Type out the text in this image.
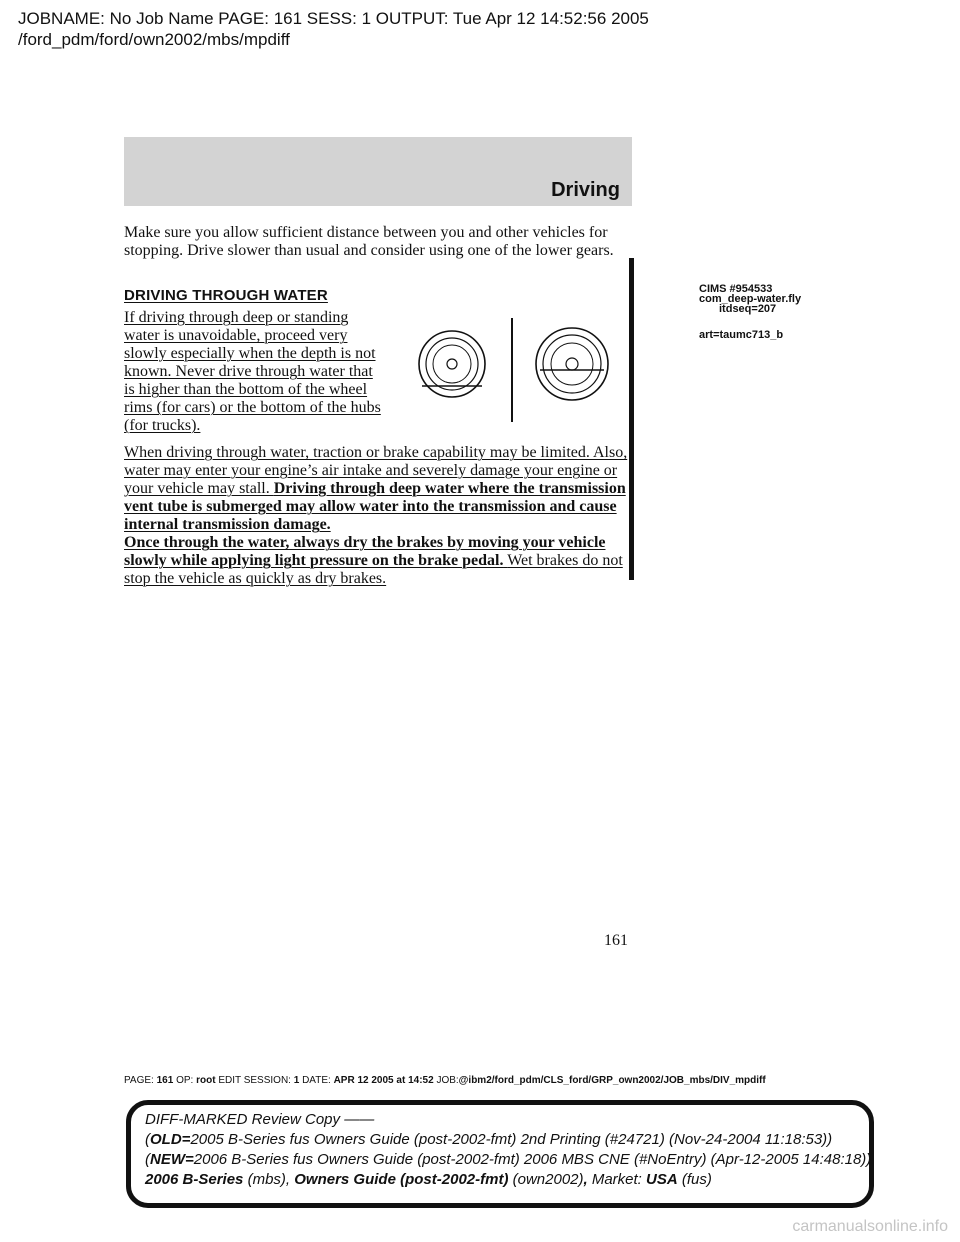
JOBNAME: No Job Name PAGE: 161 SESS: 1 OUTPUT: Tue Apr 12 14:52:56 2005
/ford_pdm/ford/own2002/mbs/mpdiff
Driving
Make sure you allow sufficient distance between you and other vehicles for stopping. Drive slower than usual and consider using one of the lower gears.
DRIVING THROUGH WATER
If driving through deep or standing water is unavoidable, proceed very slowly especially when the depth is not known. Never drive through water that is higher than the bottom of the wheel rims (for cars) or the bottom of the hubs (for trucks).
When driving through water, traction or brake capability may be limited. Also, water may enter your engine’s air intake and severely damage your engine or your vehicle may stall. Driving through deep water where the transmission vent tube is submerged may allow water into the transmission and cause internal transmission damage.
Once through the water, always dry the brakes by moving your vehicle slowly while applying light pressure on the brake pedal. Wet brakes do not stop the vehicle as quickly as dry brakes.
CIMS #954533
com_deep-water.fly
itdseq=207
art=taumc713_b
161
PAGE: 161 OP: root EDIT SESSION: 1 DATE: APR 12 2005 at 14:52 JOB:@ibm2/ford_pdm/CLS_ford/GRP_own2002/JOB_mbs/DIV_mpdiff
DIFF-MARKED Review Copy ——
(OLD=2005 B-Series fus Owners Guide (post-2002-fmt) 2nd Printing (#24721) (Nov-24-2004 11:18:53))
(NEW=2006 B-Series fus Owners Guide (post-2002-fmt) 2006 MBS CNE (#NoEntry) (Apr-12-2005 14:48:18))
2006 B-Series (mbs), Owners Guide (post-2002-fmt) (own2002), Market: USA (fus)
carmanualsonline.info
